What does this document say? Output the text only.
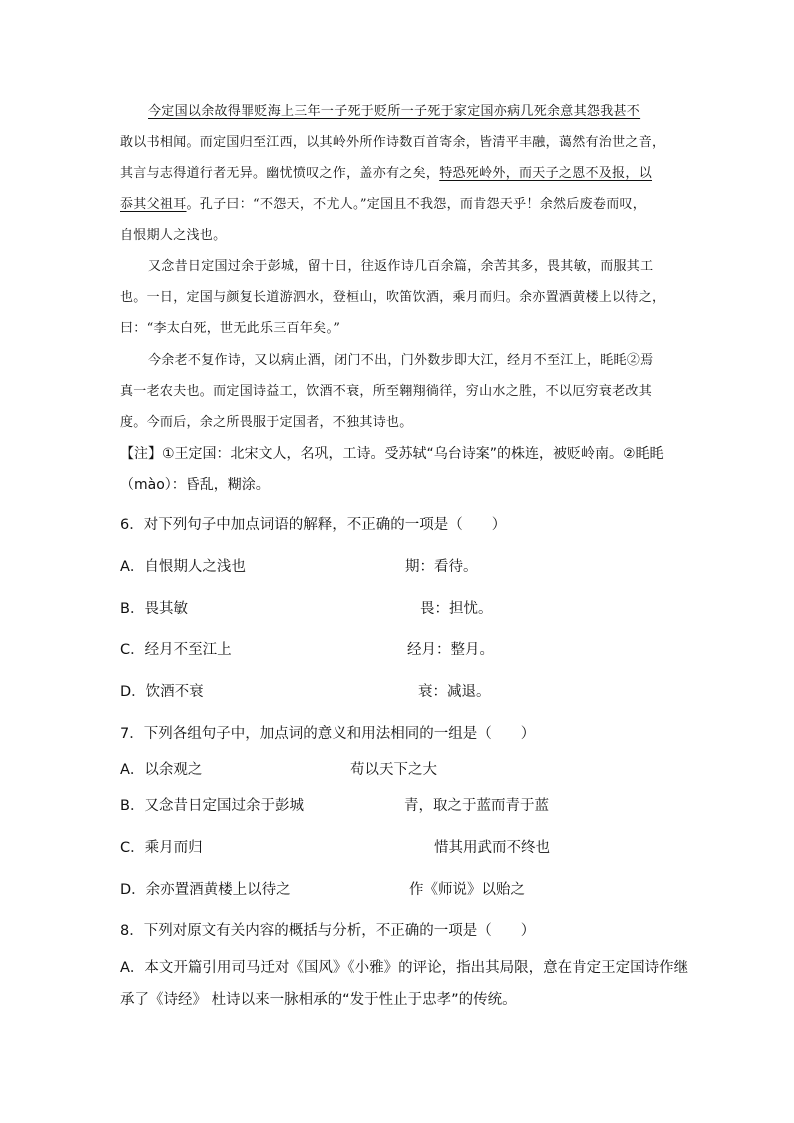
今定国以余故得罪贬海上三年一子死于贬所一子死于家定国亦病几死余意其怨我甚不
敢以书相闻。而定国归至江西，以其岭外所作诗数百首寄余，皆清平丰融，蔼然有治世之音，
其言与志得道行者无异。幽忧愤叹之作，盖亦有之矣，特恐死岭外，而天子之恩不及报，以
忝其父祖耳。孔子曰：“不怨天，不尤人。”定国且不我怨，而肯怨天乎！余然后废卷而叹，
自恨期人之浅也。
又念昔日定国过余于彭城，留十日，往返作诗几百余篇，余苦其多，畏其敏，而服其工
也。一日，定国与颜复长道游泗水，登桓山，吹笛饮酒，乘月而归。余亦置酒黄楼上以待之，
曰：“李太白死，世无此乐三百年矣。”
今余老不复作诗，又以病止酒，闭门不出，门外数步即大江，经月不至江上，眊眊②焉
真一老农夫也。而定国诗益工，饮酒不衰，所至翱翔徜徉，穷山水之胜，不以厄穷衰老改其
度。今而后，余之所畏服于定国者，不独其诗也。
【注】①王定国：北宋文人，名巩，工诗。受苏轼“乌台诗案”的株连，被贬岭南。②眊眊
（mào）：昏乱，糊涂。
6．对下列句子中加点词语的解释，不正确的一项是（　　）
A．自恨期人之浅也	期：看待。
B．畏其敏	畏：担忧。
C．经月不至江上	经月：整月。
D．饮酒不衰	衰：减退。
7．下列各组句子中，加点词的意义和用法相同的一组是（　　）
A．以余观之	苟以天下之大
B．又念昔日定国过余于彭城	青，取之于蓝而青于蓝
C．乘月而归	惜其用武而不终也
D．余亦置酒黄楼上以待之	作《师说》以贻之
8．下列对原文有关内容的概括与分析，不正确的一项是（　　）
A．本文开篇引用司马迁对《国风》《小雅》的评论，指出其局限，意在肯定王定国诗作继
承了《诗经》 杜诗以来一脉相承的“发于性止于忠孝”的传统。
